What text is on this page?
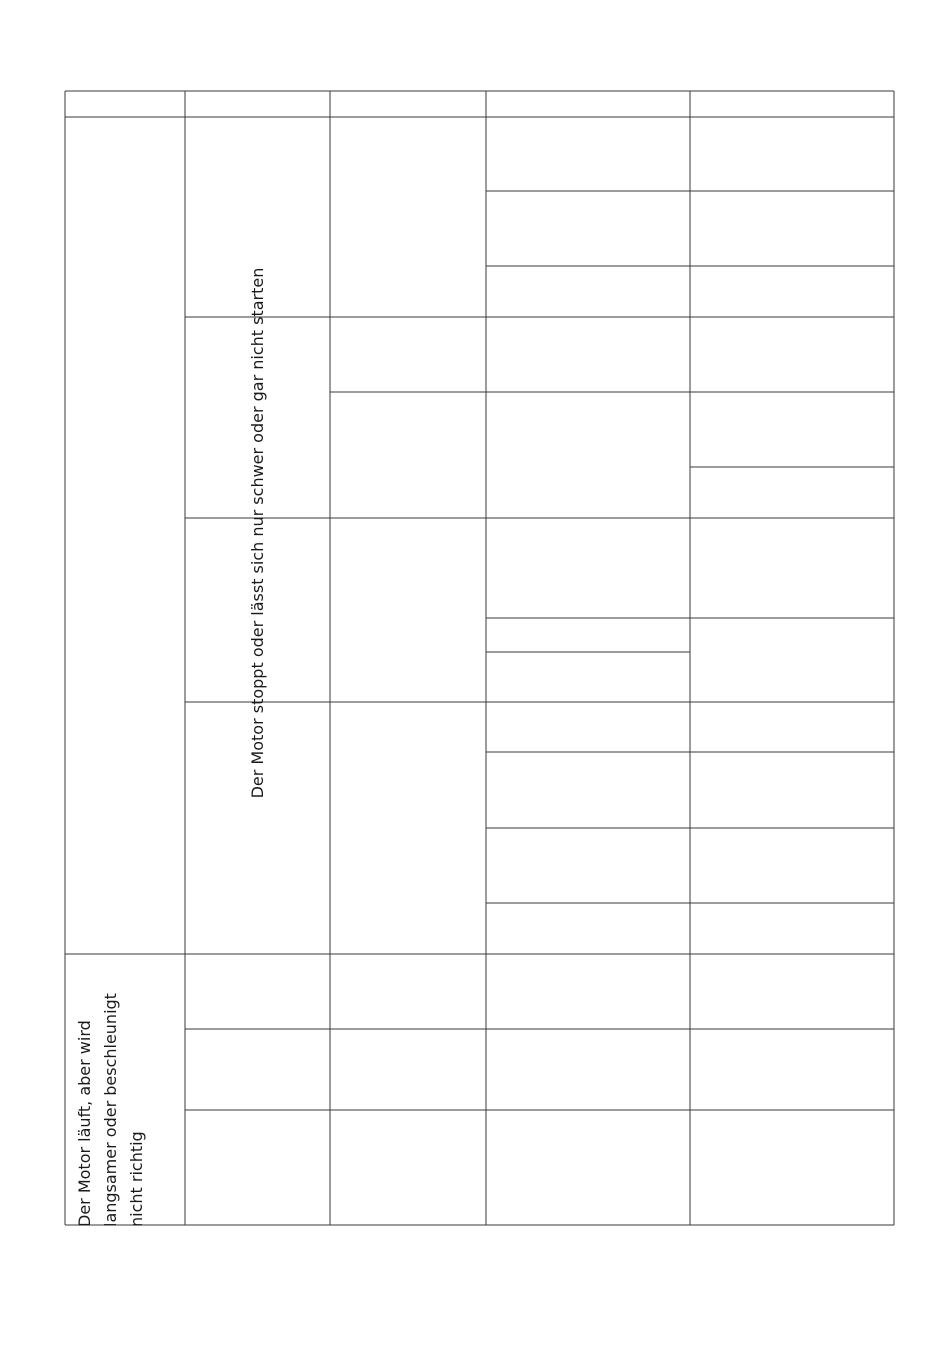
Der Motor stoppt oder lässt sich nur schwer oder gar nicht starten
Der Motor läuft, aber wird langsamer oder beschleunigt nicht richtig
